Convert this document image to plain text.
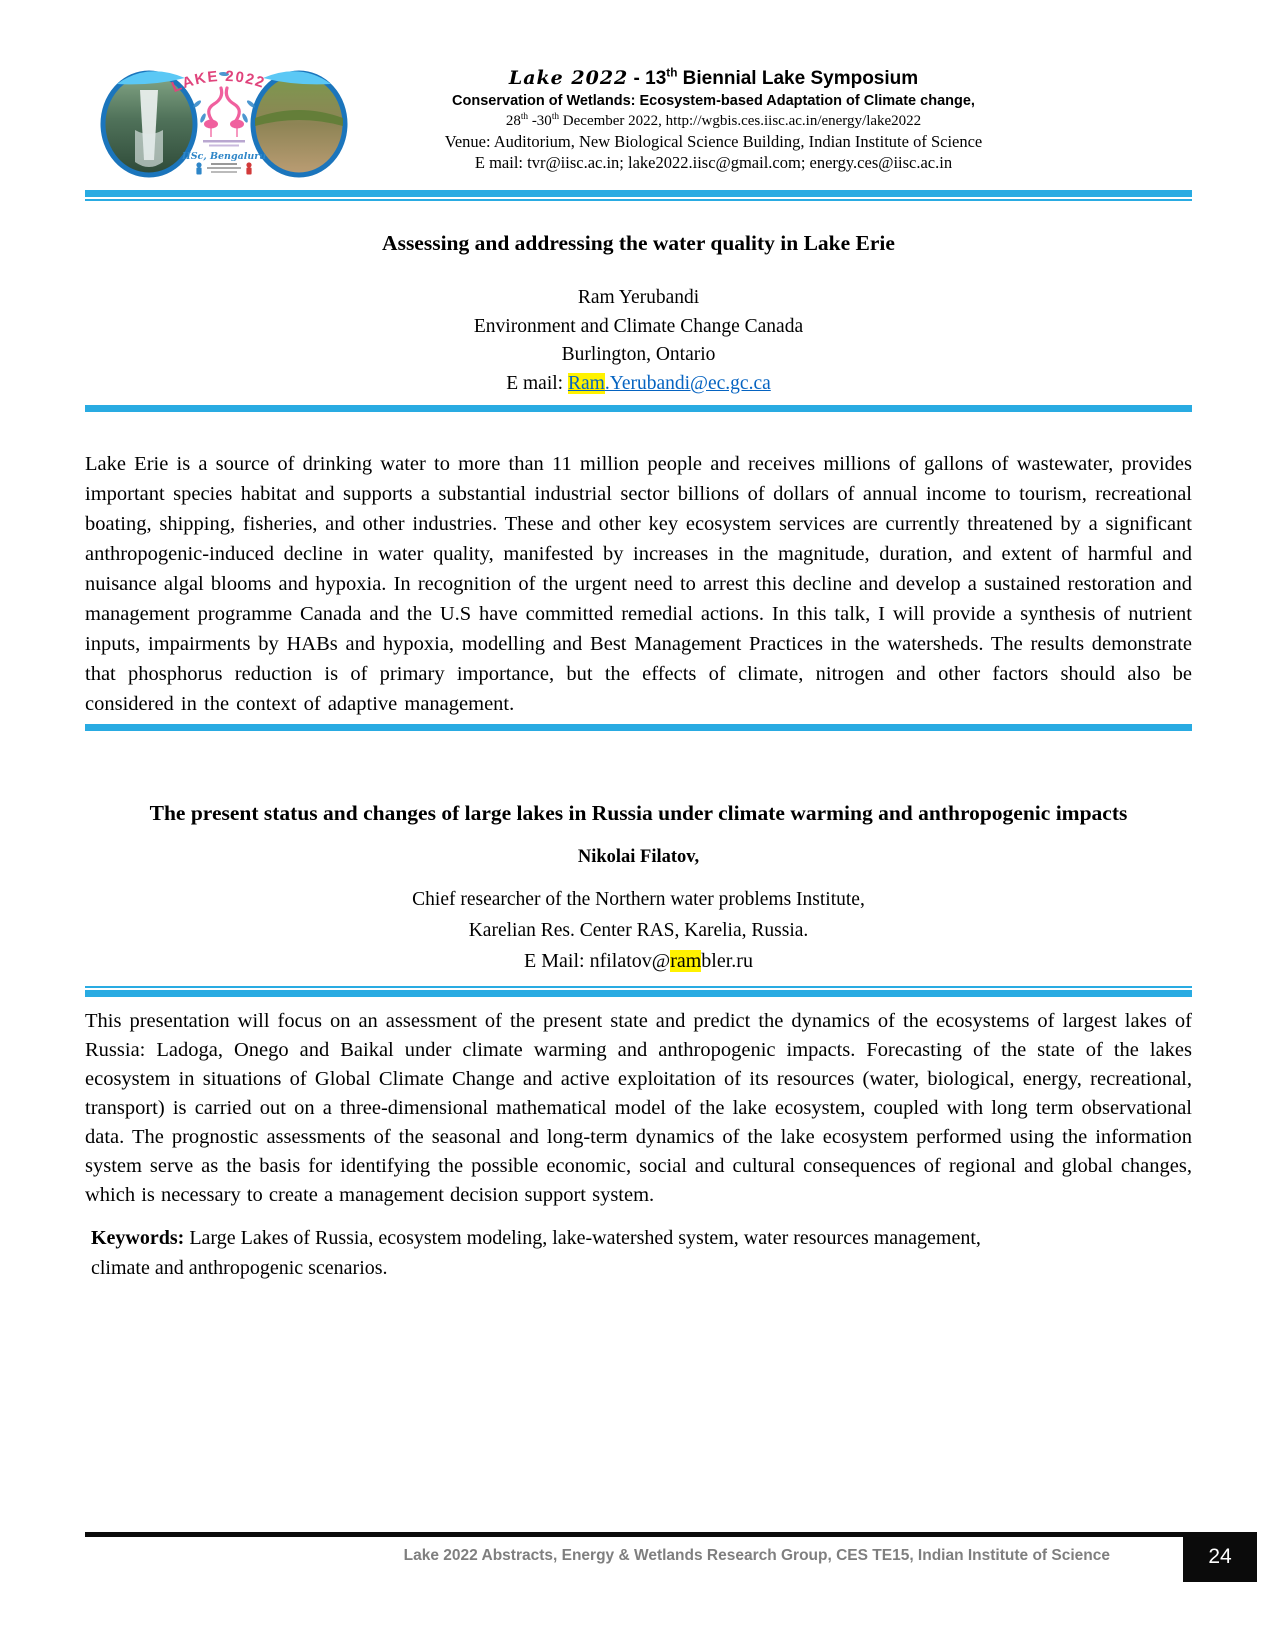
LAKE 2022
IISc, Bengaluru
Lake 2022 - 13th Biennial Lake Symposium
Conservation of Wetlands: Ecosystem-based Adaptation of Climate change,
28th -30th December 2022, http://wgbis.ces.iisc.ac.in/energy/lake2022
Venue: Auditorium, New Biological Science Building, Indian Institute of Science
E mail: tvr@iisc.ac.in; lake2022.iisc@gmail.com; energy.ces@iisc.ac.in
Assessing and addressing the water quality in Lake Erie
Ram Yerubandi
Environment and Climate Change Canada
Burlington, Ontario
E mail: Ram.Yerubandi@ec.gc.ca

Lake Erie is a source of drinking water to more than 11 million people and receives millions of gallons of wastewater, provides important species habitat and supports a substantial industrial sector billions of dollars of annual income to tourism, recreational boating, shipping, fisheries, and other industries. These and other key ecosystem services are currently threatened by a significant anthropogenic-induced decline in water quality, manifested by increases in the magnitude, duration, and extent of harmful and nuisance algal blooms and hypoxia. In recognition of the urgent need to arrest this decline and develop a sustained restoration and management programme Canada and the U.S have committed remedial actions. In this talk, I will provide a synthesis of nutrient inputs, impairments by HABs and hypoxia, modelling and Best Management Practices in the watersheds. The results demonstrate that phosphorus reduction is of primary importance, but the effects of climate, nitrogen and other factors should also be considered in the context of adaptive management.

The present status and changes of large lakes in Russia under climate warming and anthropogenic impacts
Nikolai Filatov,
Chief researcher of the Northern water problems Institute,
Karelian Res. Center RAS, Karelia, Russia.
E Mail: nfilatov@rambler.ru

This presentation will focus on an assessment of the present state and predict the dynamics of the ecosystems of largest lakes of Russia: Ladoga, Onego and Baikal under climate warming and anthropogenic impacts. Forecasting of the state of the lakes ecosystem in situations of Global Climate Change and active exploitation of its resources (water, biological, energy, recreational, transport) is carried out on a three-dimensional mathematical model of the lake ecosystem, coupled with long term observational data. The prognostic assessments of the seasonal and long-term dynamics of the lake ecosystem performed using the information system serve as the basis for identifying the possible economic, social and cultural consequences of regional and global changes, which is necessary to create a management decision support system.

Keywords: Large Lakes of Russia, ecosystem modeling, lake-watershed system, water resources management, climate and anthropogenic scenarios.

Lake 2022 Abstracts, Energy & Wetlands Research Group, CES TE15, Indian Institute of Science	24
